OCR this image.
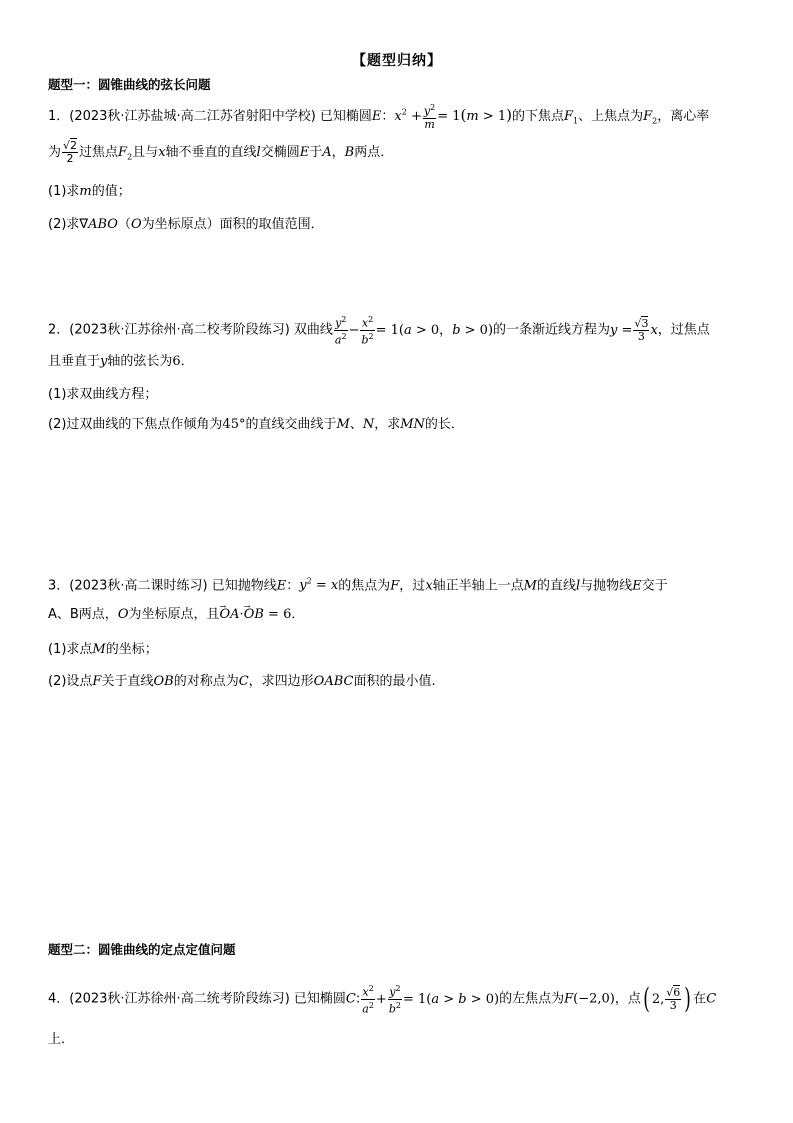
【题型归纳】
题型一：圆锥曲线的弦长问题
1．(2023秋·江苏盐城·高二江苏省射阳中学校) 已知椭圆E：$x^2 + \frac{y^2}{m} = 1(m > 1)$的下焦点$F_1$、上焦点为$F_2$，离心率
为 $\frac{√2}{2}$ 过焦点$F_2$且与x轴不垂直的直线l交椭圆E于A，B两点．
(1)求m的值；
(2)求∇ABO（O为坐标原点）面积的取值范围．
2．(2023秋·江苏徐州·高二校考阶段练习) 双曲线 $\frac{y^2}{a^2} - \frac{x^2}{b^2} = 1(a > 0$，b > 0)的一条渐近线方程为$y = \frac{√3}{3}$ x，过焦点
且垂直于y轴的弦长为6．
(1)求双曲线方程；
(2)过双曲线的下焦点作倾角为45°的直线交曲线于M、N，求MN的长．
3．(2023秋·高二课时练习) 已知抛物线E：$y^2 = x$的焦点为F，过x轴正半轴上一点M的直线l与抛物线E交于
A、B两点，O为坐标原点，且→ OA·→ OB = 6．
(1)求点M的坐标；
(2)设点F关于直线OB的对称点为C，求四边形OABC面积的最小值.
题型二：圆锥曲线的定点定值问题
4．(2023秋·江苏徐州·高二统考阶段练习) 已知椭圆C: $\frac{x^2}{a^2} + \frac{y^2}{b^2} = 1(a > b > 0)$的左焦点为F(−2,0)，点( 2, $\frac{√6}{3}$ ) 在C
上．
